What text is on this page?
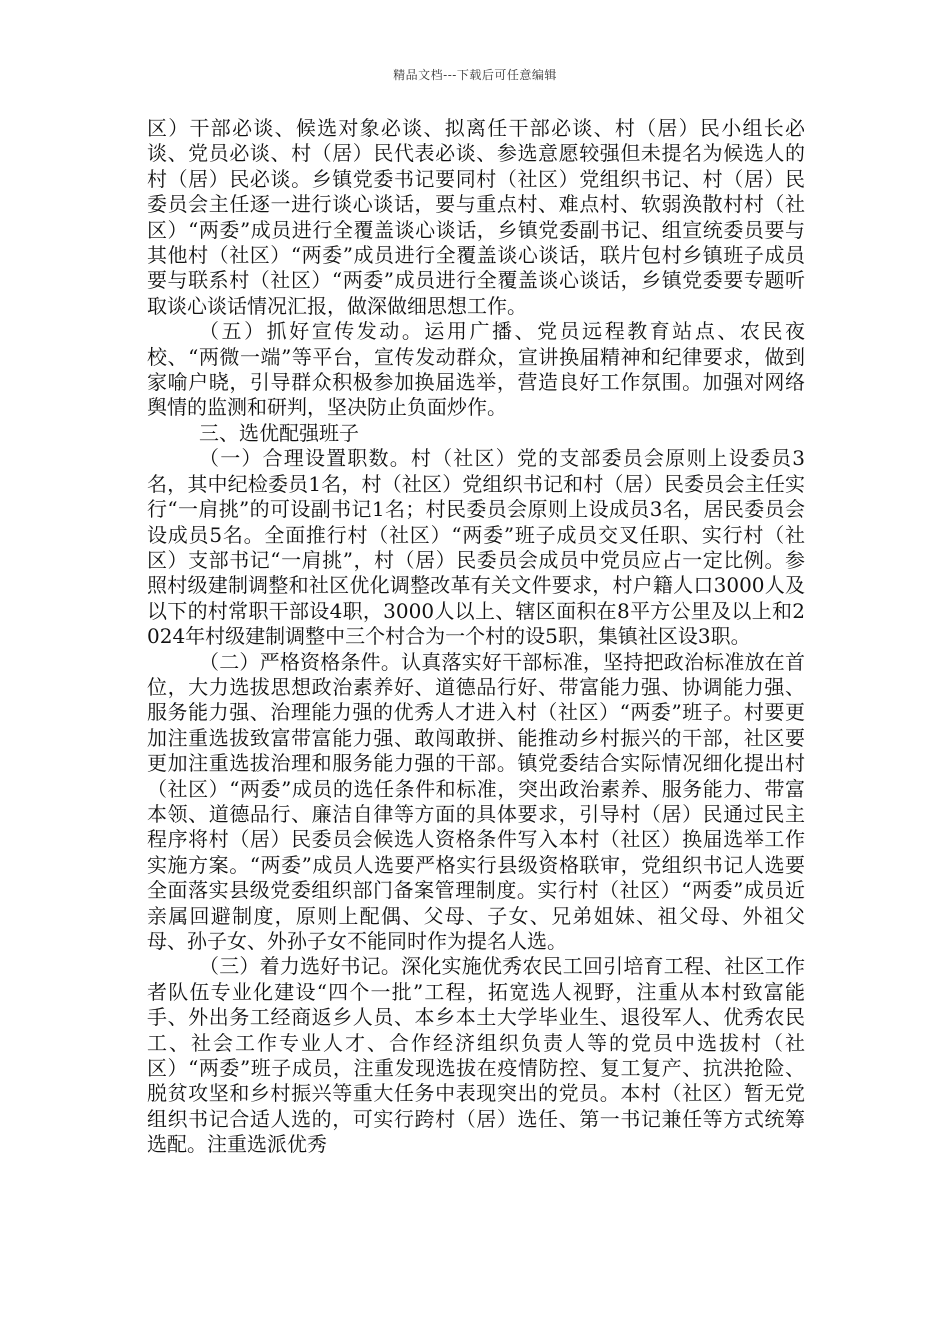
精品文档---下载后可任意编辑

区）干部必谈、候选对象必谈、拟离任干部必谈、村（居）民小组长必谈、党员必谈、村（居）民代表必谈、参选意愿较强但未提名为候选人的村（居）民必谈。乡镇党委书记要同村（社区）党组织书记、村（居）民委员会主任逐一进行谈心谈话，要与重点村、难点村、软弱涣散村村（社区）“两委”成员进行全覆盖谈心谈话，乡镇党委副书记、组宣统委员要与其他村（社区）“两委”成员进行全覆盖谈心谈话，联片包村乡镇班子成员要与联系村（社区）“两委”成员进行全覆盖谈心谈话，乡镇党委要专题听取谈心谈话情况汇报，做深做细思想工作。

（五）抓好宣传发动。运用广播、党员远程教育站点、农民夜校、“两微一端”等平台，宣传发动群众，宣讲换届精神和纪律要求，做到家喻户晓，引导群众积极参加换届选举，营造良好工作氛围。加强对网络舆情的监测和研判，坚决防止负面炒作。

三、选优配强班子

（一）合理设置职数。村（社区）党的支部委员会原则上设委员3名，其中纪检委员1名，村（社区）党组织书记和村（居）民委员会主任实行“一肩挑”的可设副书记1名；村民委员会原则上设成员3名，居民委员会设成员5名。全面推行村（社区）“两委”班子成员交叉任职、实行村（社区）支部书记“一肩挑”，村（居）民委员会成员中党员应占一定比例。参照村级建制调整和社区优化调整改革有关文件要求，村户籍人口3000人及以下的村常职干部设4职，3000人以上、辖区面积在8平方公里及以上和2024年村级建制调整中三个村合为一个村的设5职，集镇社区设3职。

（二）严格资格条件。认真落实好干部标准，坚持把政治标准放在首位，大力选拔思想政治素养好、道德品行好、带富能力强、协调能力强、服务能力强、治理能力强的优秀人才进入村（社区）“两委”班子。村要更加注重选拔致富带富能力强、敢闯敢拼、能推动乡村振兴的干部，社区要更加注重选拔治理和服务能力强的干部。镇党委结合实际情况细化提出村（社区）“两委”成员的选任条件和标准，突出政治素养、服务能力、带富本领、道德品行、廉洁自律等方面的具体要求，引导村（居）民通过民主程序将村（居）民委员会候选人资格条件写入本村（社区）换届选举工作实施方案。“两委”成员人选要严格实行县级资格联审，党组织书记人选要全面落实县级党委组织部门备案管理制度。实行村（社区）“两委”成员近亲属回避制度，原则上配偶、父母、子女、兄弟姐妹、祖父母、外祖父母、孙子女、外孙子女不能同时作为提名人选。

（三）着力选好书记。深化实施优秀农民工回引培育工程、社区工作者队伍专业化建设“四个一批”工程，拓宽选人视野，注重从本村致富能手、外出务工经商返乡人员、本乡本土大学毕业生、退役军人、优秀农民工、社会工作专业人才、合作经济组织负责人等的党员中选拔村（社区）“两委”班子成员，注重发现选拔在疫情防控、复工复产、抗洪抢险、脱贫攻坚和乡村振兴等重大任务中表现突出的党员。本村（社区）暂无党组织书记合适人选的，可实行跨村（居）选任、第一书记兼任等方式统筹选配。注重选派优秀
